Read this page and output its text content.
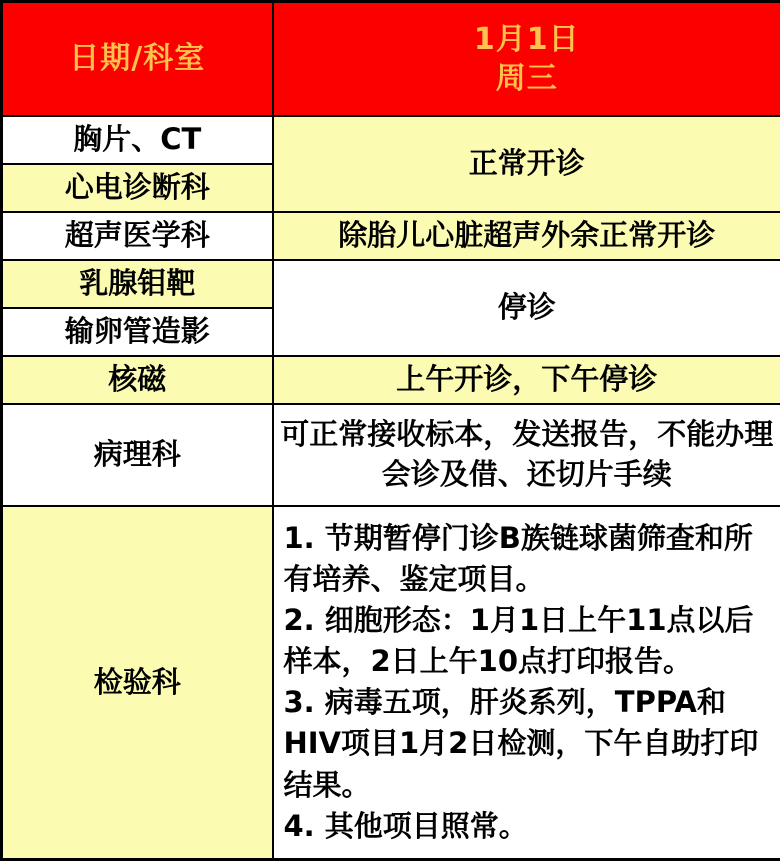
日期/科室	1月1日
周三

胸片、CT	正常开诊
心电诊断科	
超声医学科	除胎儿心脏超声外余正常开诊
乳腺钼靶	停诊
输卵管造影	
核磁	上午开诊，下午停诊
病理科	可正常接收标本，发送报告，不能办理会诊及借、还切片手续
检验科	1. 节期暂停门诊B族链球菌筛查和所有培养、鉴定项目。
2. 细胞形态：1月1日上午11点以后样本，2日上午10点打印报告。
3. 病毒五项，肝炎系列，TPPA和HIV项目1月2日检测，下午自助打印结果。
4. 其他项目照常。
